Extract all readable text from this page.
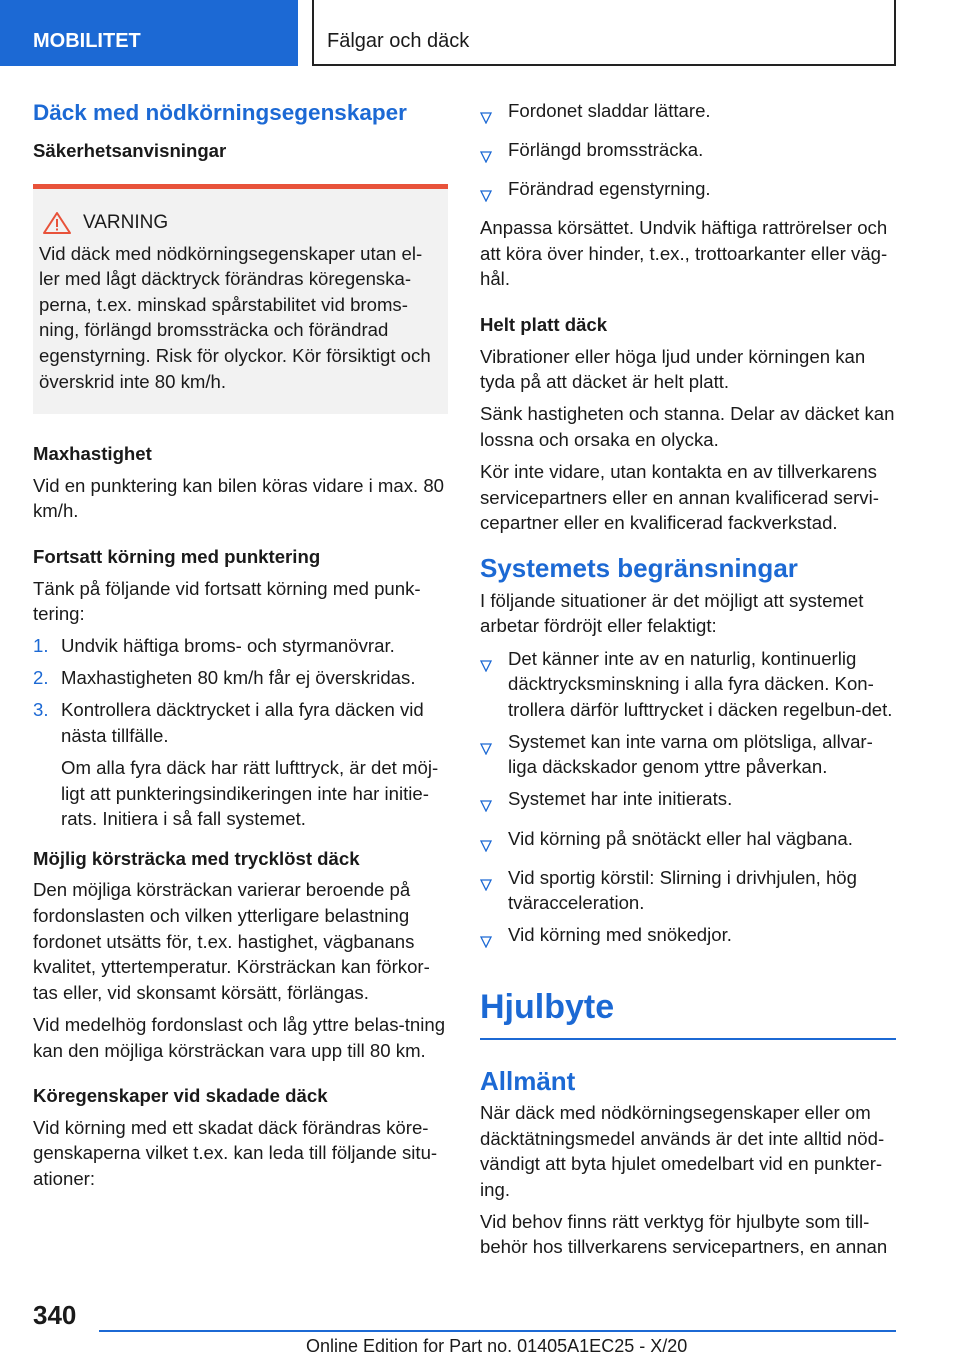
MOBILITET	Fälgar och däck
Däck med nödkörningsegenskaper
Säkerhetsanvisningar
VARNING

Vid däck med nödkörningsegenskaper utan el-ler med lågt däcktryck förändras köregenska-perna, t.ex. minskad spårstabilitet vid broms-ning, förlängd bromssträcka och förändrad egenstyrning. Risk för olyckor. Kör försiktigt och överskrid inte 80 km/h.

Maxhastighet

Vid en punktering kan bilen köras vidare i max. 80 km/h.

Fortsatt körning med punktering

Tänk på följande vid fortsatt körning med punk-tering:

1. Undvik häftiga broms- och styrmanövrar.
2. Maxhastigheten 80 km/h får ej överskridas.
3. Kontrollera däcktrycket i alla fyra däcken vid nästa tillfälle.

Om alla fyra däck har rätt lufttryck, är det möj-ligt att punkteringsindikeringen inte har initie-rats. Initiera i så fall systemet.

Möjlig körsträcka med trycklöst däck

Den möjliga körsträckan varierar beroende på fordonslasten och vilken ytterligare belastning fordonet utsätts för, t.ex. hastighet, vägbanans kvalitet, yttertemperatur. Körsträckan kan förkor-tas eller, vid skonsamt körsätt, förlängas.

Vid medelhög fordonslast och låg yttre belas-tning kan den möjliga körsträckan vara upp till 80 km.

Köregenskaper vid skadade däck

Vid körning med ett skadat däck förändras köre-genskaperna vilket t.ex. kan leda till följande situ-ationer:

Fordonet sladdar lättare.
Förlängd bromssträcka.
Förändrad egenstyrning.

Anpassa körsättet. Undvik häftiga rattrörelser och att köra över hinder, t.ex., trottoarkanter eller väg-hål.

Helt platt däck

Vibrationer eller höga ljud under körningen kan tyda på att däcket är helt platt.

Sänk hastigheten och stanna. Delar av däcket kan lossna och orsaka en olycka.

Kör inte vidare, utan kontakta en av tillverkarens servicepartners eller en annan kvalificerad servi-cepartner eller en kvalificerad fackverkstad.

Systemets begränsningar

I följande situationer är det möjligt att systemet arbetar fördröjt eller felaktigt:

Det känner inte av en naturlig, kontinuerlig däcktrycksminskning i alla fyra däcken. Kon-trollera därför lufttrycket i däcken regelbun-det.
Systemet kan inte varna om plötsliga, allvar-liga däckskador genom yttre påverkan.
Systemet har inte initierats.
Vid körning på snötäckt eller hal vägbana.
Vid sportig körstil: Slirning i drivhjulen, hög tväracceleration.
Vid körning med snökedjor.
Hjulbyte
Allmänt

När däck med nödkörningsegenskaper eller om däcktätningsmedel används är det inte alltid nöd-vändigt att byta hjulet omedelbart vid en punkter-ing.

Vid behov finns rätt verktyg för hjulbyte som till-behör hos tillverkarens servicepartners, en annan

340
Online Edition for Part no. 01405A1EC25 - X/20
